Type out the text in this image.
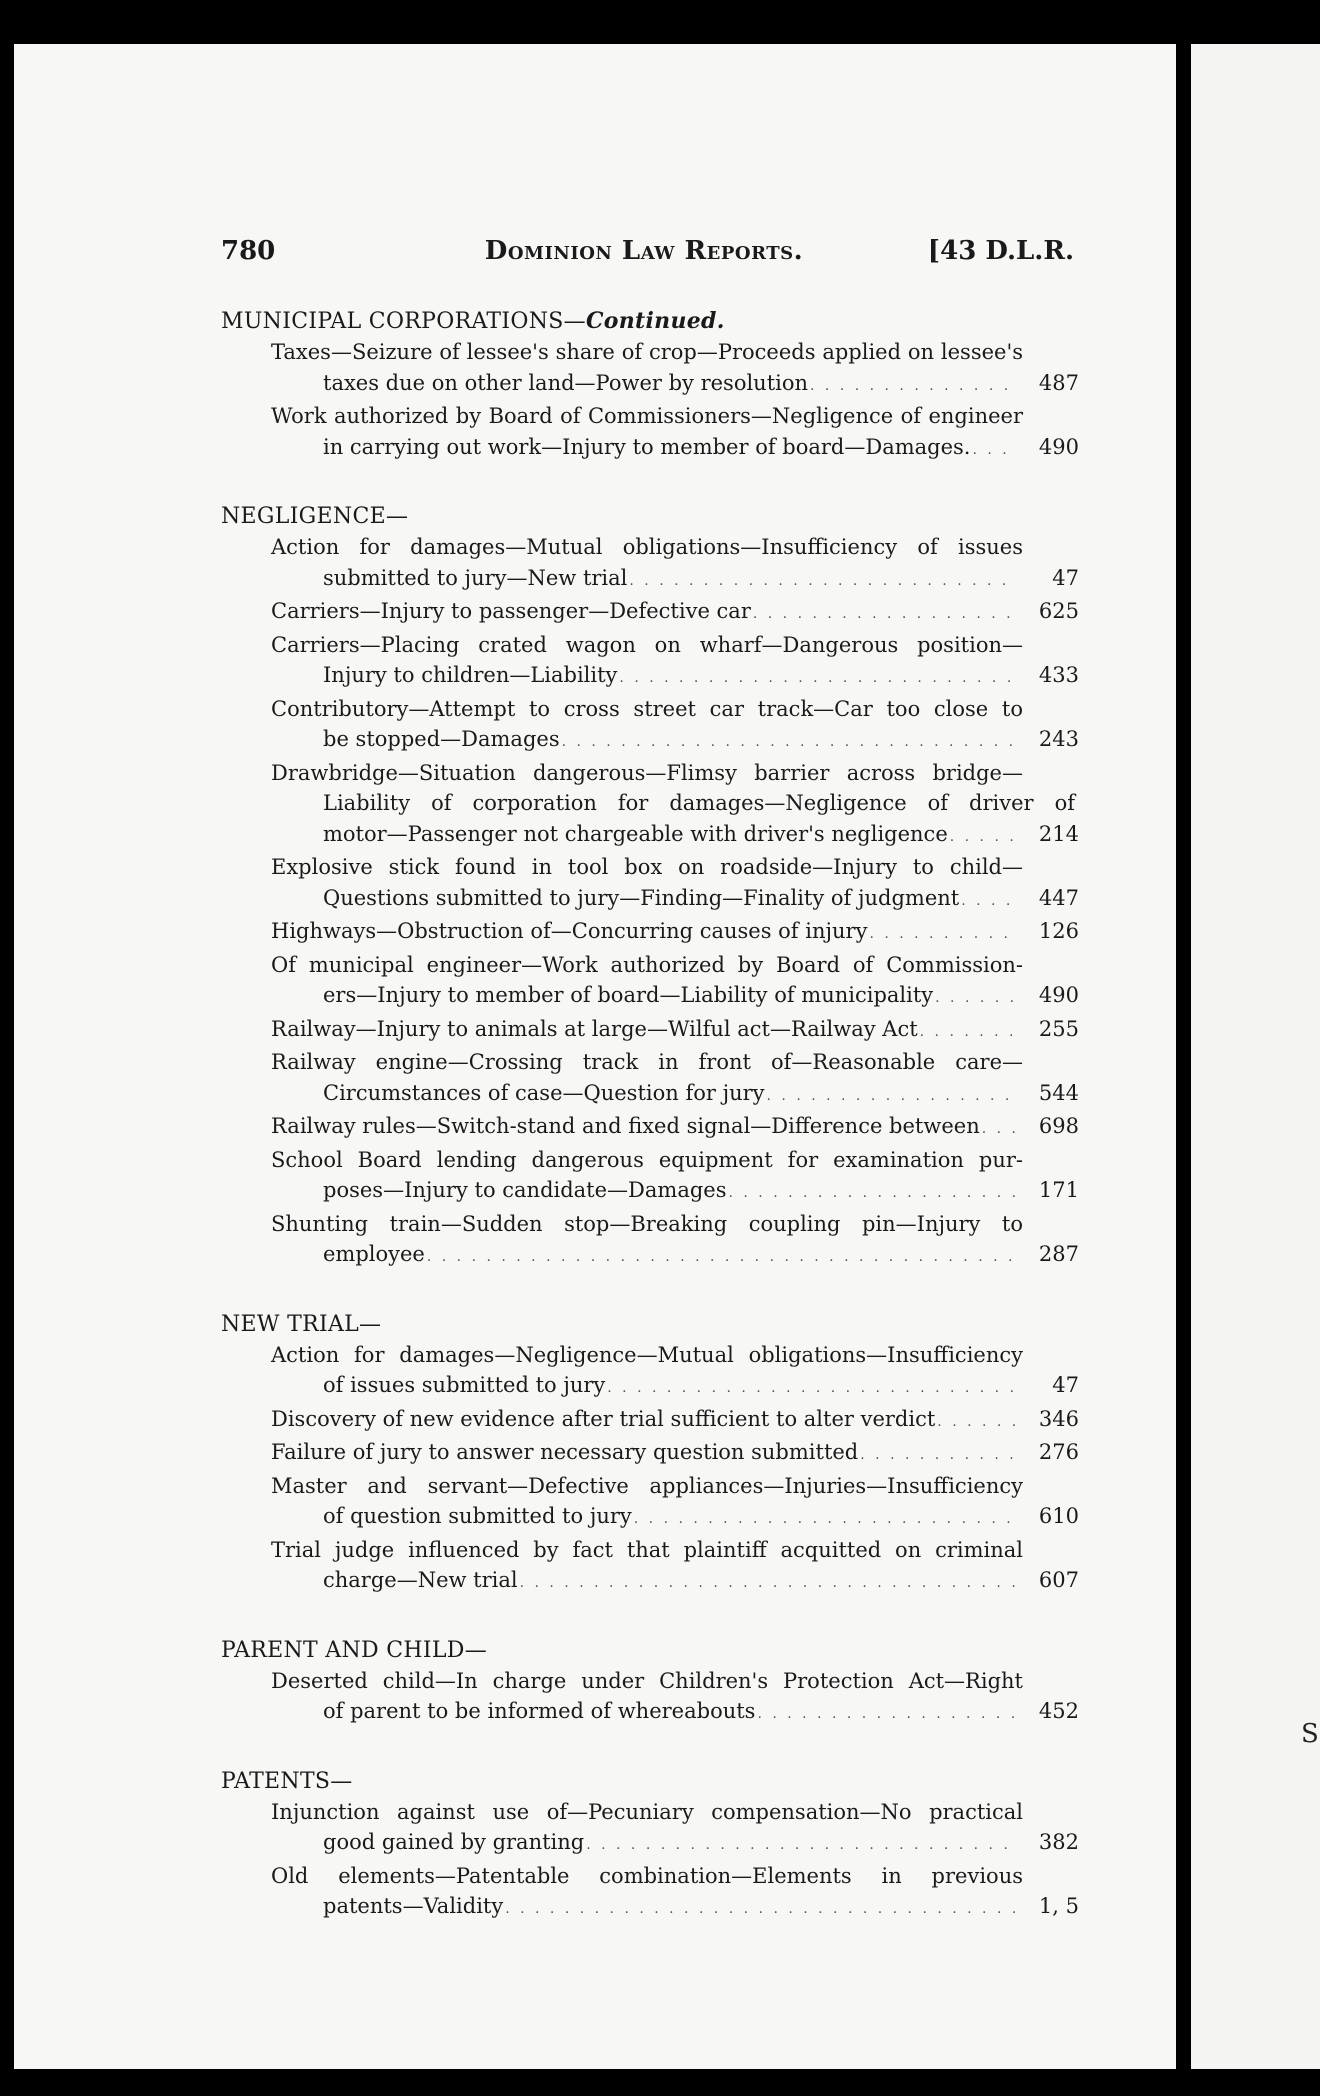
780	Dominion Law Reports.	[43 D.L.R.
MUNICIPAL CORPORATIONS—Continued.
Taxes—Seizure of lessee's share of crop—Proceeds applied on lessee's
taxes due on other land—Power by resolution . . .	487
Work authorized by Board of Commissioners—Negligence of engineer
in carrying out work—Injury to member of board—Damages. . . .	490
NEGLIGENCE—
Action for damages—Mutual obligations—Insufficiency of issues
submitted to jury—New trial . . .	47
Carriers—Injury to passenger—Defective car . . .	625
Carriers—Placing crated wagon on wharf—Dangerous position—
Injury to children—Liability . . .	433
Contributory—Attempt to cross street car track—Car too close to
be stopped—Damages . . .	243
Drawbridge—Situation dangerous—Flimsy barrier across bridge—
Liability of corporation for damages—Negligence of driver of
motor—Passenger not chargeable with driver's negligence . . .	214
Explosive stick found in tool box on roadside—Injury to child—
Questions submitted to jury—Finding—Finality of judgment . . .	447
Highways—Obstruction of—Concurring causes of injury . . .	126
Of municipal engineer—Work authorized by Board of Commission-
ers—Injury to member of board—Liability of municipality . . .	490
Railway—Injury to animals at large—Wilful act—Railway Act . . .	255
Railway engine—Crossing track in front of—Reasonable care—
Circumstances of case—Question for jury . . .	544
Railway rules—Switch-stand and fixed signal—Difference between . . .	698
School Board lending dangerous equipment for examination pur-
poses—Injury to candidate—Damages . . .	171
Shunting train—Sudden stop—Breaking coupling pin—Injury to
employee . . .	287
NEW TRIAL—
Action for damages—Negligence—Mutual obligations—Insufficiency
of issues submitted to jury . . .	47
Discovery of new evidence after trial sufficient to alter verdict . . .	346
Failure of jury to answer necessary question submitted . . .	276
Master and servant—Defective appliances—Injuries—Insufficiency
of question submitted to jury . . .	610
Trial judge influenced by fact that plaintiff acquitted on criminal
charge—New trial . . .	607
PARENT AND CHILD—
Deserted child—In charge under Children's Protection Act—Right
of parent to be informed of whereabouts . . .	452
PATENTS—
Injunction against use of—Pecuniary compensation—No practical
good gained by granting . . .	382
Old elements—Patentable combination—Elements in previous
patents—Validity . . .	1, 5
S
